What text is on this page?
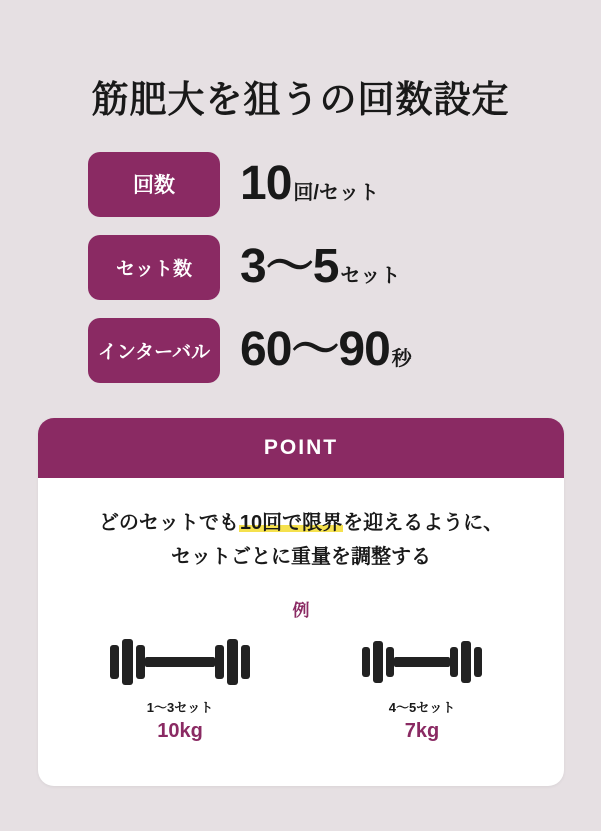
筋肥大を狙うの回数設定
回数	10 回/セット
セット数	3〜5 セット
インターバル 60〜90 秒
POINT
どのセットでも10回で限界を迎えるように、
セットごとに重量を調整する
例
1〜3セット
10kg
4〜5セット
7kg
